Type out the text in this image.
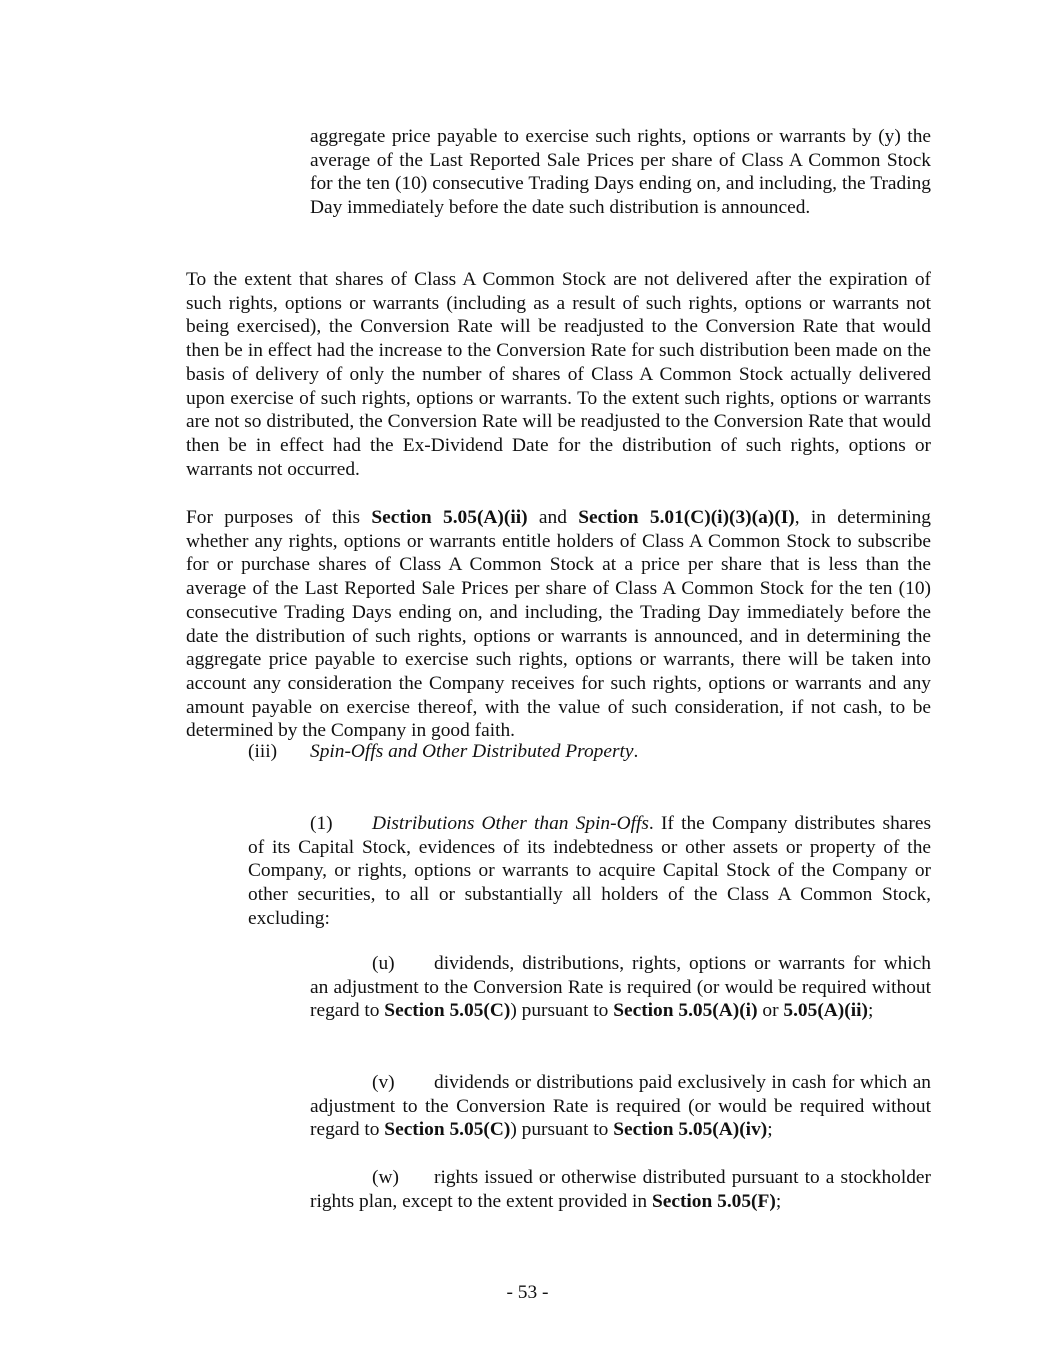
aggregate price payable to exercise such rights, options or warrants by (y) the average of the Last Reported Sale Prices per share of Class A Common Stock for the ten (10) consecutive Trading Days ending on, and including, the Trading Day immediately before the date such distribution is announced.

To the extent that shares of Class A Common Stock are not delivered after the expiration of such rights, options or warrants (including as a result of such rights, options or warrants not being exercised), the Conversion Rate will be readjusted to the Conversion Rate that would then be in effect had the increase to the Conversion Rate for such distribution been made on the basis of delivery of only the number of shares of Class A Common Stock actually delivered upon exercise of such rights, options or warrants. To the extent such rights, options or warrants are not so distributed, the Conversion Rate will be readjusted to the Conversion Rate that would then be in effect had the Ex-Dividend Date for the distribution of such rights, options or warrants not occurred.

For purposes of this Section 5.05(A)(ii) and Section 5.01(C)(i)(3)(a)(I), in determining whether any rights, options or warrants entitle holders of Class A Common Stock to subscribe for or purchase shares of Class A Common Stock at a price per share that is less than the average of the Last Reported Sale Prices per share of Class A Common Stock for the ten (10) consecutive Trading Days ending on, and including, the Trading Day immediately before the date the distribution of such rights, options or warrants is announced, and in determining the aggregate price payable to exercise such rights, options or warrants, there will be taken into account any consideration the Company receives for such rights, options or warrants and any amount payable on exercise thereof, with the value of such consideration, if not cash, to be determined by the Company in good faith.

(iii) Spin-Offs and Other Distributed Property.

(1) Distributions Other than Spin-Offs. If the Company distributes shares of its Capital Stock, evidences of its indebtedness or other assets or property of the Company, or rights, options or warrants to acquire Capital Stock of the Company or other securities, to all or substantially all holders of the Class A Common Stock, excluding:

(u) dividends, distributions, rights, options or warrants for which an adjustment to the Conversion Rate is required (or would be required without regard to Section 5.05(C)) pursuant to Section 5.05(A)(i) or 5.05(A)(ii);

(v) dividends or distributions paid exclusively in cash for which an adjustment to the Conversion Rate is required (or would be required without regard to Section 5.05(C)) pursuant to Section 5.05(A)(iv);

(w) rights issued or otherwise distributed pursuant to a stockholder rights plan, except to the extent provided in Section 5.05(F);

- 53 -
